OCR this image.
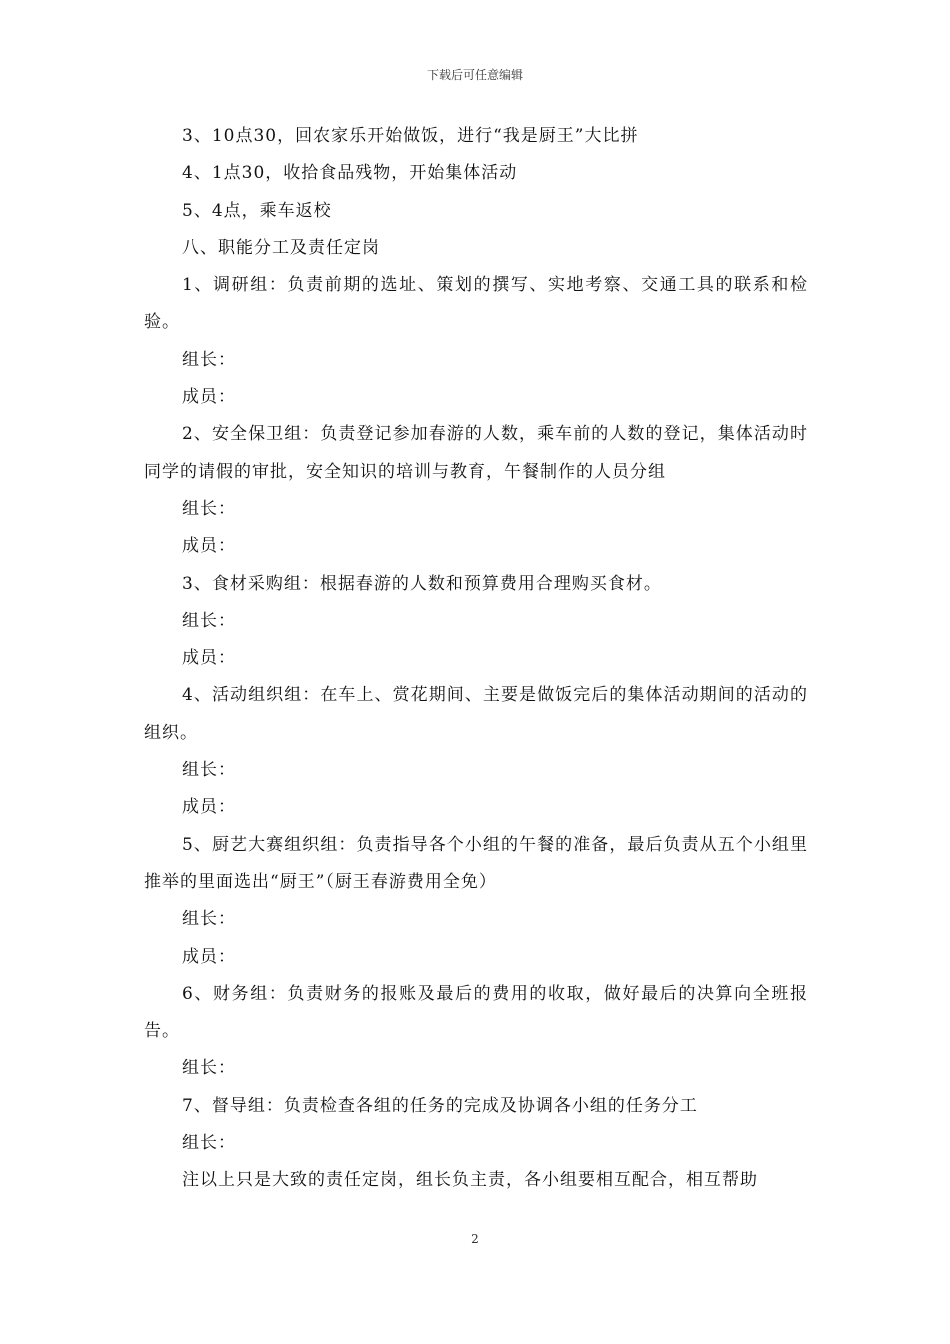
下载后可任意编辑

3、10点30，回农家乐开始做饭，进行“我是厨王”大比拼

4、1点30，收拾食品残物，开始集体活动

5、4点，乘车返校

八、职能分工及责任定岗

1、调研组：负责前期的选址、策划的撰写、实地考察、交通工具的联系和检验。

组长：

成员：

2、安全保卫组：负责登记参加春游的人数，乘车前的人数的登记，集体活动时同学的请假的审批，安全知识的培训与教育，午餐制作的人员分组

组长：

成员：

3、食材采购组：根据春游的人数和预算费用合理购买食材。

组长：

成员：

4、活动组织组：在车上、赏花期间、主要是做饭完后的集体活动期间的活动的组织。

组长：

成员：

5、厨艺大赛组织组：负责指导各个小组的午餐的准备，最后负责从五个小组里推举的里面选出“厨王”（厨王春游费用全免）

组长：

成员：

6、财务组：负责财务的报账及最后的费用的收取，做好最后的决算向全班报告。

组长：

7、督导组：负责检查各组的任务的完成及协调各小组的任务分工

组长：

注以上只是大致的责任定岗，组长负主责，各小组要相互配合，相互帮助

2
